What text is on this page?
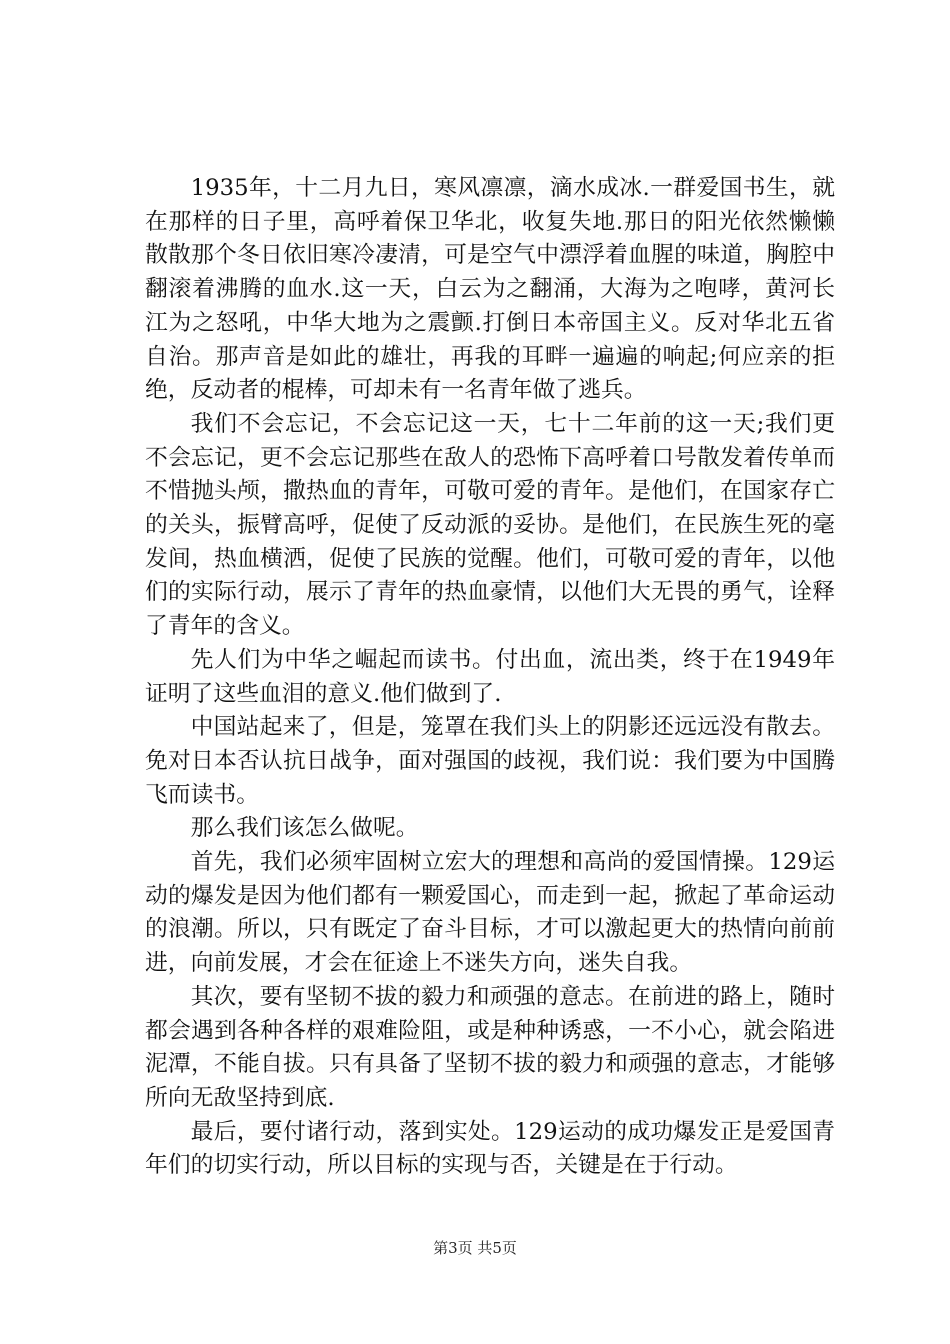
1935年，十二月九日，寒风凛凛，滴水成冰.一群爱国书生，就在那样的日子里，高呼着保卫华北，收复失地.那日的阳光依然懒懒散散那个冬日依旧寒冷凄清，可是空气中漂浮着血腥的味道，胸腔中翻滚着沸腾的血水.这一天，白云为之翻涌，大海为之咆哮，黄河长江为之怒吼，中华大地为之震颤.打倒日本帝国主义。反对华北五省自治。那声音是如此的雄壮，再我的耳畔一遍遍的响起;何应亲的拒绝，反动者的棍棒，可却未有一名青年做了逃兵。

我们不会忘记，不会忘记这一天，七十二年前的这一天;我们更不会忘记，更不会忘记那些在敌人的恐怖下高呼着口号散发着传单而不惜抛头颅，撒热血的青年，可敬可爱的青年。是他们，在国家存亡的关头，振臂高呼，促使了反动派的妥协。是他们，在民族生死的毫发间，热血横洒，促使了民族的觉醒。他们，可敬可爱的青年，以他们的实际行动，展示了青年的热血豪情，以他们大无畏的勇气，诠释了青年的含义。

先人们为中华之崛起而读书。付出血，流出类，终于在1949年证明了这些血泪的意义.他们做到了.

中国站起来了，但是，笼罩在我们头上的阴影还远远没有散去。免对日本否认抗日战争，面对强国的歧视，我们说：我们要为中国腾飞而读书。

那么我们该怎么做呢。

首先，我们必须牢固树立宏大的理想和高尚的爱国情操。129运动的爆发是因为他们都有一颗爱国心，而走到一起，掀起了革命运动的浪潮。所以，只有既定了奋斗目标，才可以激起更大的热情向前前进，向前发展，才会在征途上不迷失方向，迷失自我。

其次，要有坚韧不拔的毅力和顽强的意志。在前进的路上，随时都会遇到各种各样的艰难险阻，或是种种诱惑，一不小心，就会陷进泥潭，不能自拔。只有具备了坚韧不拔的毅力和顽强的意志，才能够所向无敌坚持到底.

最后，要付诸行动，落到实处。129运动的成功爆发正是爱国青年们的切实行动，所以目标的实现与否，关键是在于行动。

第3页 共5页
